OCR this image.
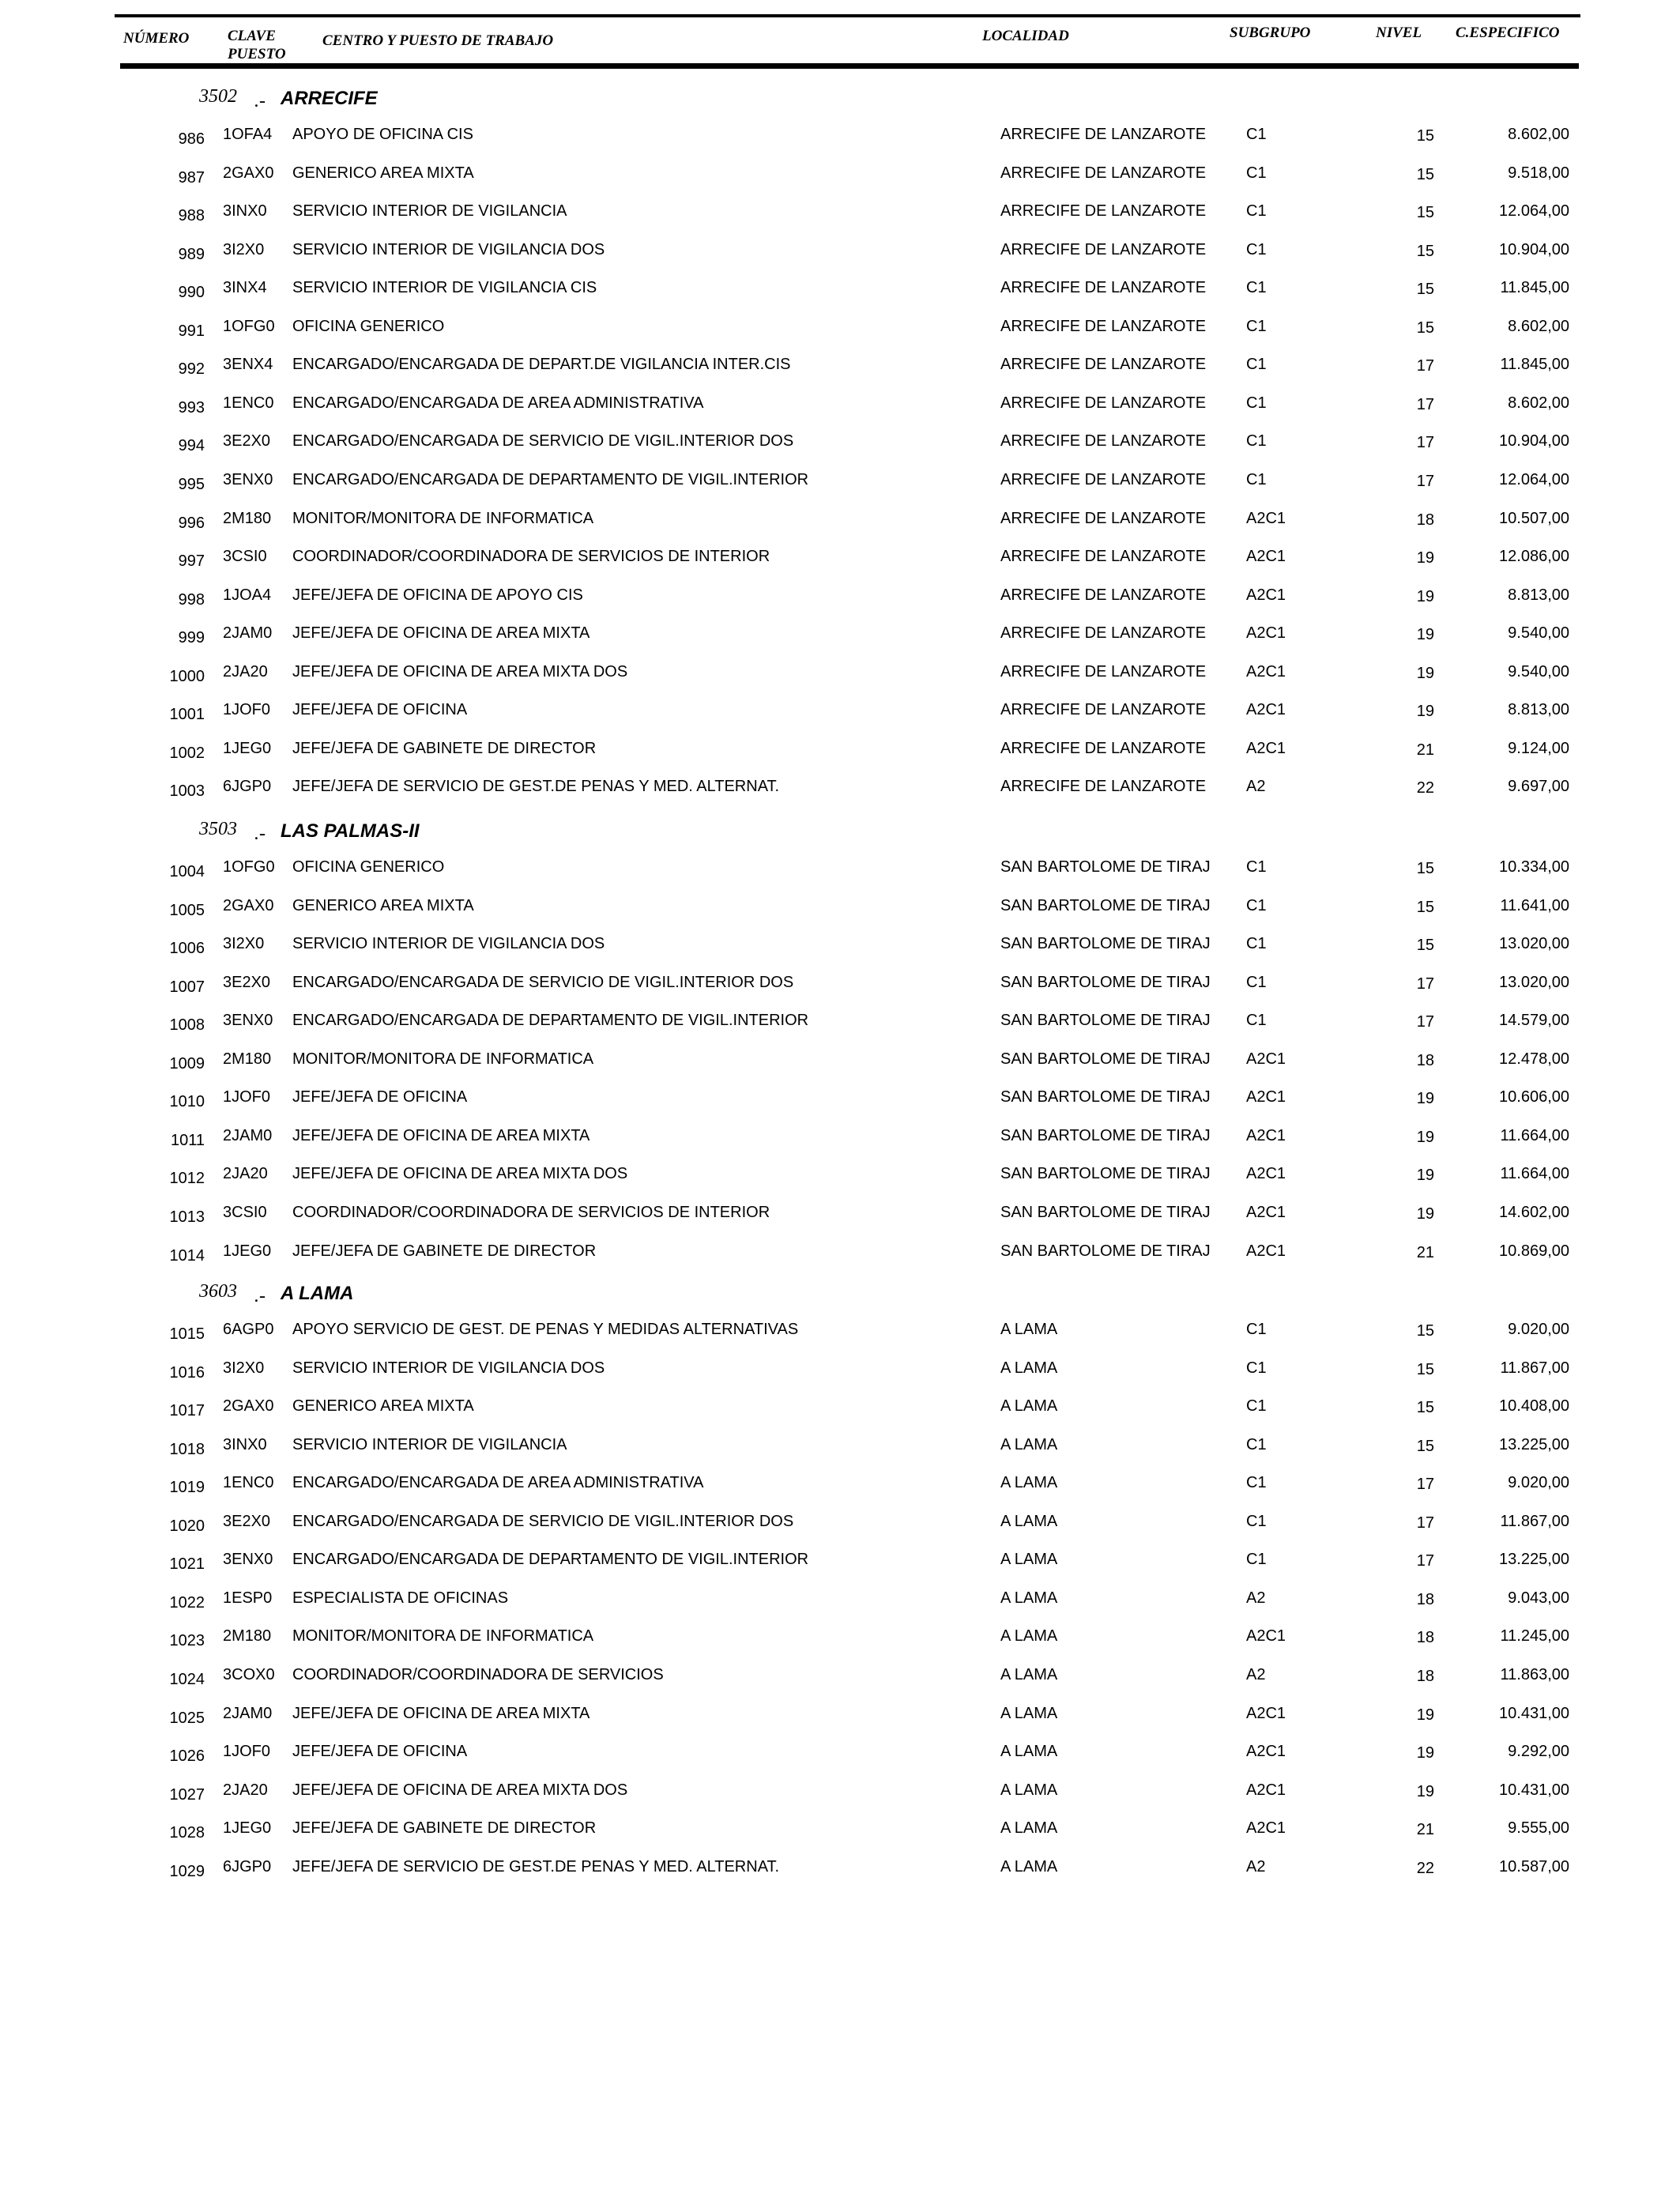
NÚMERO	CLAVE
PUESTO
CENTRO Y PUESTO DE TRABAJO	LOCALIDAD	SUBGRUPO	NIVEL C.ESPECIFICO
3502 .- ARRECIFE
986 1OFA4 APOYO DE OFICINA CIS	ARRECIFE DE LANZAROTE	C1	15	8.602,00
987 2GAX0 GENERICO AREA MIXTA	ARRECIFE DE LANZAROTE	C1	15	9.518,00
988 3INX0 SERVICIO INTERIOR DE VIGILANCIA	ARRECIFE DE LANZAROTE	C1	15	12.064,00
989 3I2X0 SERVICIO INTERIOR DE VIGILANCIA DOS	ARRECIFE DE LANZAROTE	C1	15	10.904,00
990 3INX4 SERVICIO INTERIOR DE VIGILANCIA CIS	ARRECIFE DE LANZAROTE	C1	15	11.845,00
991 1OFG0 OFICINA GENERICO	ARRECIFE DE LANZAROTE	C1	15	8.602,00
992 3ENX4 ENCARGADO/ENCARGADA DE DEPART.DE VIGILANCIA INTER.CIS	ARRECIFE DE LANZAROTE	C1	17	11.845,00
993 1ENC0 ENCARGADO/ENCARGADA DE AREA ADMINISTRATIVA	ARRECIFE DE LANZAROTE	C1	17	8.602,00
994 3E2X0 ENCARGADO/ENCARGADA DE SERVICIO DE VIGIL.INTERIOR DOS	ARRECIFE DE LANZAROTE	C1	17	10.904,00
995 3ENX0 ENCARGADO/ENCARGADA DE DEPARTAMENTO DE VIGIL.INTERIOR	ARRECIFE DE LANZAROTE	C1	17	12.064,00
996 2M180 MONITOR/MONITORA DE INFORMATICA	ARRECIFE DE LANZAROTE	A2C1	18	10.507,00
997 3CSI0 COORDINADOR/COORDINADORA DE SERVICIOS DE INTERIOR	ARRECIFE DE LANZAROTE	A2C1	19	12.086,00
998 1JOA4 JEFE/JEFA DE OFICINA DE APOYO CIS	ARRECIFE DE LANZAROTE	A2C1	19	8.813,00
999 2JAM0 JEFE/JEFA DE OFICINA DE AREA MIXTA	ARRECIFE DE LANZAROTE	A2C1	19	9.540,00
1000 2JA20 JEFE/JEFA DE OFICINA DE AREA MIXTA DOS	ARRECIFE DE LANZAROTE	A2C1	19	9.540,00
1001 1JOF0 JEFE/JEFA DE OFICINA	ARRECIFE DE LANZAROTE	A2C1	19	8.813,00
1002 1JEG0 JEFE/JEFA DE GABINETE DE DIRECTOR	ARRECIFE DE LANZAROTE	A2C1	21	9.124,00
1003 6JGP0 JEFE/JEFA DE SERVICIO DE GEST.DE PENAS Y MED. ALTERNAT.	ARRECIFE DE LANZAROTE	A2	22	9.697,00
3503 .- LAS PALMAS-II
1004 1OFG0 OFICINA GENERICO	SAN BARTOLOME DE TIRAJ C1	15	10.334,00
1005 2GAX0 GENERICO AREA MIXTA	SAN BARTOLOME DE TIRAJ C1	15	11.641,00
1006 3I2X0 SERVICIO INTERIOR DE VIGILANCIA DOS	SAN BARTOLOME DE TIRAJ C1	15	13.020,00
1007 3E2X0 ENCARGADO/ENCARGADA DE SERVICIO DE VIGIL.INTERIOR DOS	SAN BARTOLOME DE TIRAJ C1	17	13.020,00
1008 3ENX0 ENCARGADO/ENCARGADA DE DEPARTAMENTO DE VIGIL.INTERIOR	SAN BARTOLOME DE TIRAJ C1	17	14.579,00
1009 2M180 MONITOR/MONITORA DE INFORMATICA	SAN BARTOLOME DE TIRAJ A2C1	18	12.478,00
1010 1JOF0 JEFE/JEFA DE OFICINA	SAN BARTOLOME DE TIRAJ A2C1	19	10.606,00
1011 2JAM0 JEFE/JEFA DE OFICINA DE AREA MIXTA	SAN BARTOLOME DE TIRAJ A2C1	19	11.664,00
1012 2JA20 JEFE/JEFA DE OFICINA DE AREA MIXTA DOS	SAN BARTOLOME DE TIRAJ A2C1	19	11.664,00
1013 3CSI0 COORDINADOR/COORDINADORA DE SERVICIOS DE INTERIOR	SAN BARTOLOME DE TIRAJ A2C1	19	14.602,00
1014 1JEG0 JEFE/JEFA DE GABINETE DE DIRECTOR	SAN BARTOLOME DE TIRAJ A2C1	21	10.869,00
3603 .- A LAMA
1015 6AGP0 APOYO SERVICIO DE GEST. DE PENAS Y MEDIDAS ALTERNATIVAS	A LAMA	C1	15	9.020,00
1016 3I2X0 SERVICIO INTERIOR DE VIGILANCIA DOS	A LAMA	C1	15	11.867,00
1017 2GAX0 GENERICO AREA MIXTA	A LAMA	C1	15	10.408,00
1018 3INX0 SERVICIO INTERIOR DE VIGILANCIA	A LAMA	C1	15	13.225,00
1019 1ENC0 ENCARGADO/ENCARGADA DE AREA ADMINISTRATIVA	A LAMA	C1	17	9.020,00
1020 3E2X0 ENCARGADO/ENCARGADA DE SERVICIO DE VIGIL.INTERIOR DOS	A LAMA	C1	17	11.867,00
1021 3ENX0 ENCARGADO/ENCARGADA DE DEPARTAMENTO DE VIGIL.INTERIOR	A LAMA	C1	17	13.225,00
1022 1ESP0 ESPECIALISTA DE OFICINAS	A LAMA	A2	18	9.043,00
1023 2M180 MONITOR/MONITORA DE INFORMATICA	A LAMA	A2C1	18	11.245,00
1024 3COX0 COORDINADOR/COORDINADORA DE SERVICIOS	A LAMA	A2	18	11.863,00
1025 2JAM0 JEFE/JEFA DE OFICINA DE AREA MIXTA	A LAMA	A2C1	19	10.431,00
1026 1JOF0 JEFE/JEFA DE OFICINA	A LAMA	A2C1	19	9.292,00
1027 2JA20 JEFE/JEFA DE OFICINA DE AREA MIXTA DOS	A LAMA	A2C1	19	10.431,00
1028 1JEG0 JEFE/JEFA DE GABINETE DE DIRECTOR	A LAMA	A2C1	21	9.555,00
1029 6JGP0 JEFE/JEFA DE SERVICIO DE GEST.DE PENAS Y MED. ALTERNAT.	A LAMA	A2	22	10.587,00
